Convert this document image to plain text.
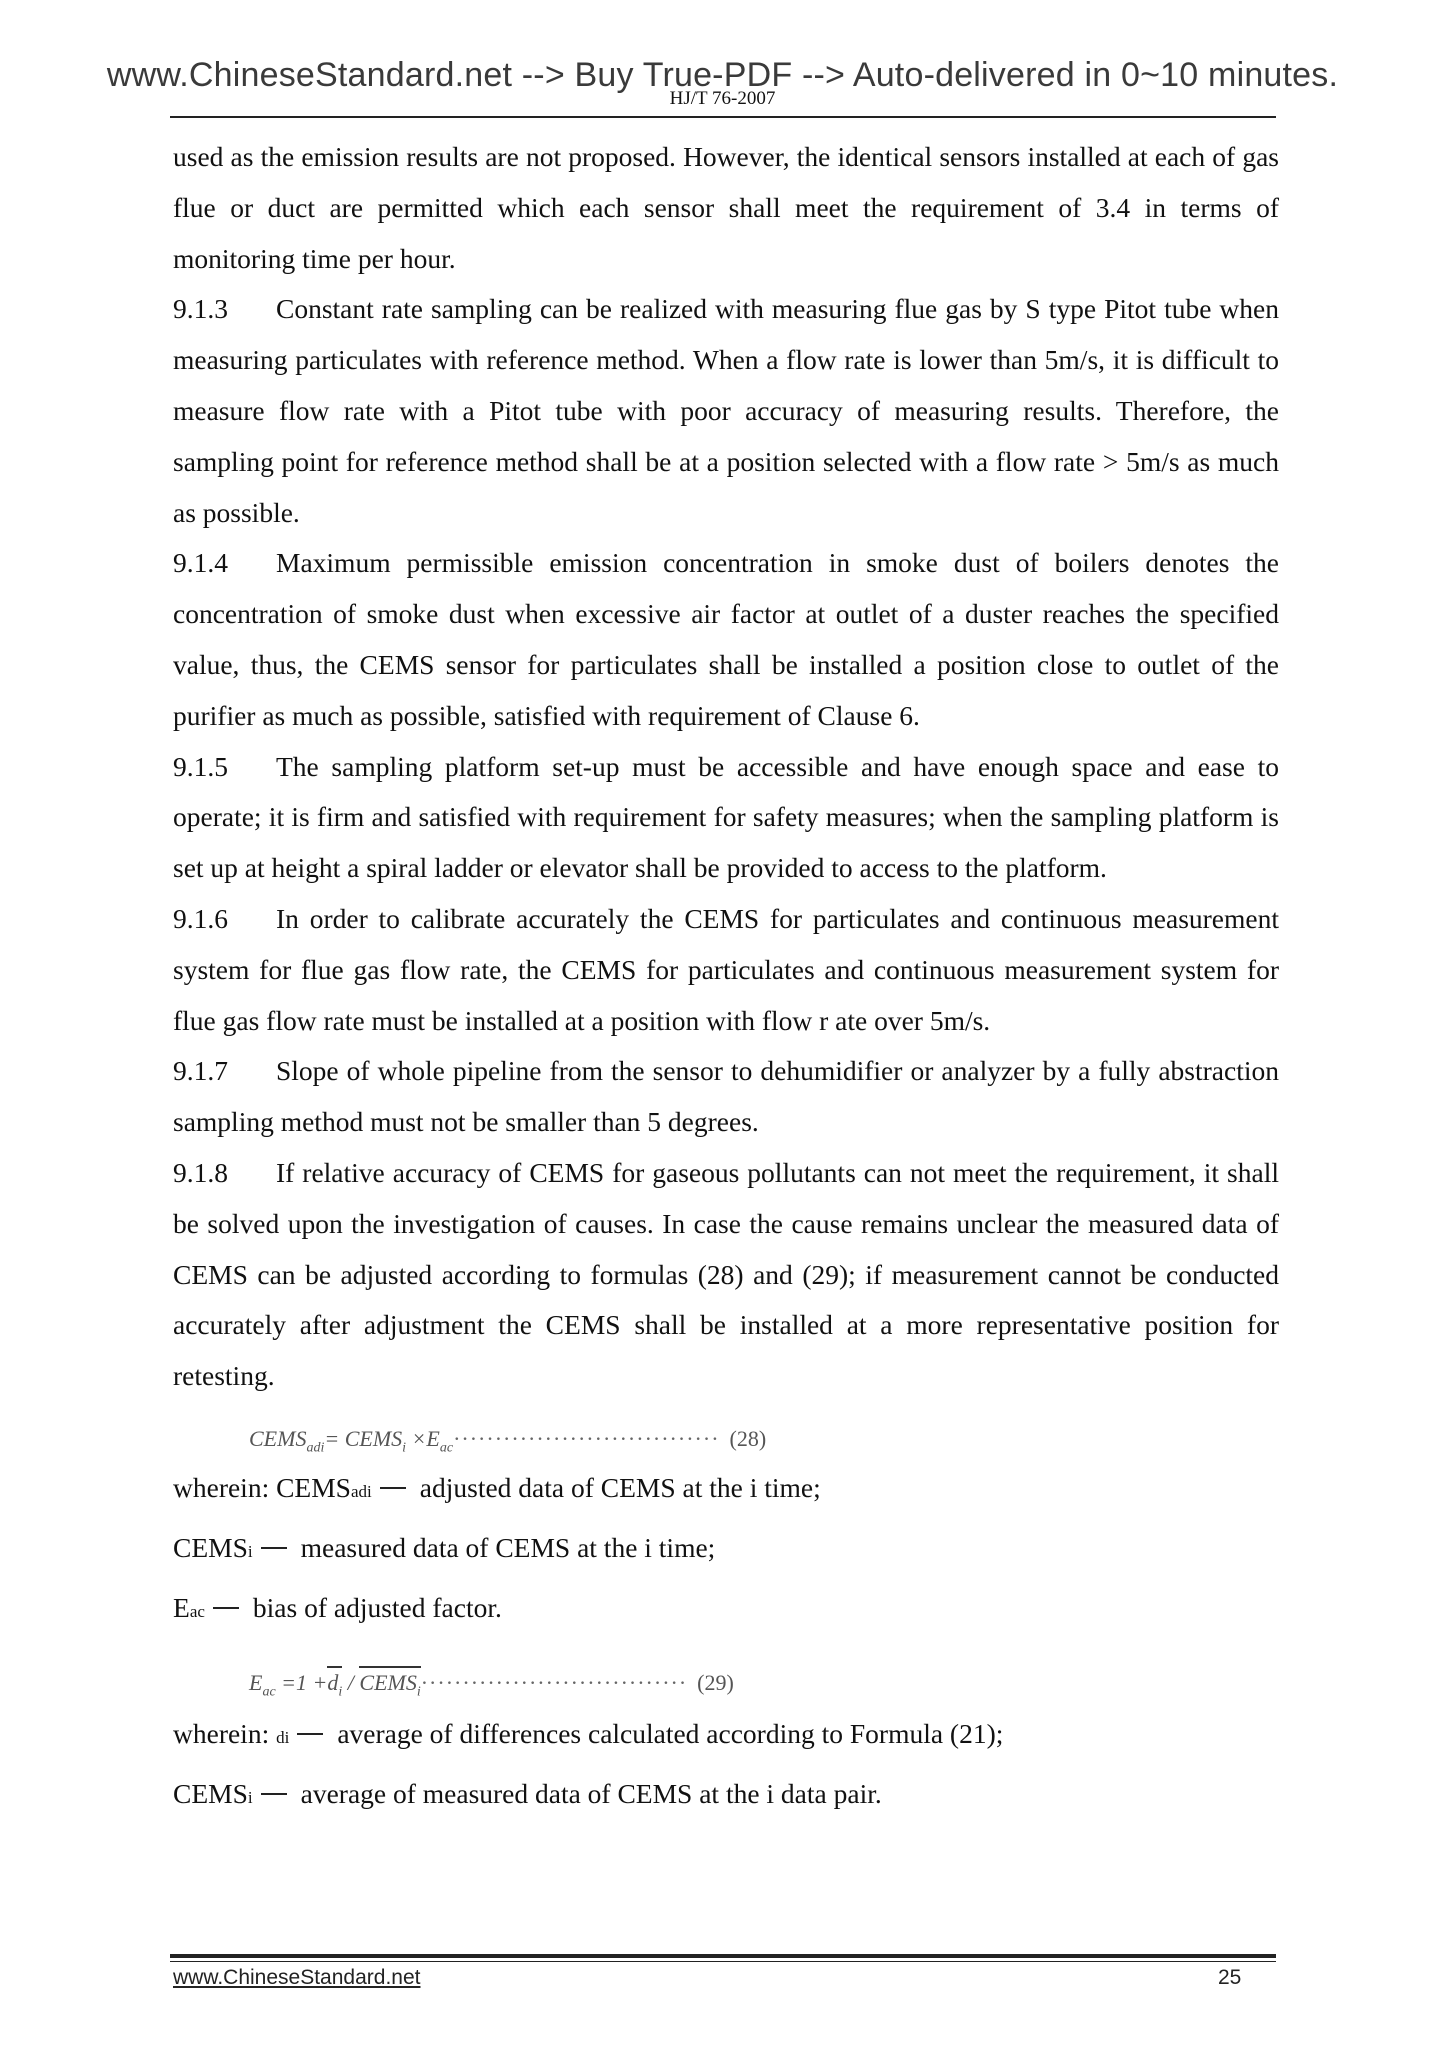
www.ChineseStandard.net --> Buy True-PDF --> Auto-delivered in 0~10 minutes.
HJ/T 76-2007

used as the emission results are not proposed. However, the identical sensors installed at each of gas flue or duct are permitted which each sensor shall meet the requirement of 3.4 in terms of monitoring time per hour.

9.1.3 Constant rate sampling can be realized with measuring flue gas by S type Pitot tube when measuring particulates with reference method. When a flow rate is lower than 5m/s, it is difficult to measure flow rate with a Pitot tube with poor accuracy of measuring results. Therefore, the sampling point for reference method shall be at a position selected with a flow rate > 5m/s as much as possible.

9.1.4 Maximum permissible emission concentration in smoke dust of boilers denotes the concentration of smoke dust when excessive air factor at outlet of a duster reaches the specified value, thus, the CEMS sensor for particulates shall be installed a position close to outlet of the purifier as much as possible, satisfied with requirement of Clause 6.

9.1.5 The sampling platform set-up must be accessible and have enough space and ease to operate; it is firm and satisfied with requirement for safety measures; when the sampling platform is set up at height a spiral ladder or elevator shall be provided to access to the platform.

9.1.6 In order to calibrate accurately the CEMS for particulates and continuous measurement system for flue gas flow rate, the CEMS for particulates and continuous measurement system for flue gas flow rate must be installed at a position with flow r ate over 5m/s.

9.1.7 Slope of whole pipeline from the sensor to dehumidifier or analyzer by a fully abstraction sampling method must not be smaller than 5 degrees.

9.1.8 If relative accuracy of CEMS for gaseous pollutants can not meet the requirement, it shall be solved upon the investigation of causes. In case the cause remains unclear the measured data of CEMS can be adjusted according to formulas (28) and (29); if measurement cannot be conducted accurately after adjustment the CEMS shall be installed at a more representative position for retesting.

$CEMS_{adi}=$ $CEMS_i \times E_{ac}\cdot\cdot\cdot\cdot\cdot\cdot\cdot\cdot\cdot\cdot\cdot\cdot\cdot\cdot\cdot\cdot\cdot\cdot\cdot\cdot\cdot\cdot\cdot\cdot\cdot\cdot\cdot\cdot\cdot\cdot\cdot\cdot (28)$

wherein: CEMSadi adjusted data of CEMS at the i time;

CEMSi measured data of CEMS at the i time;

Eac bias of adjusted factor.

$E_{ac} =1 +d_i$ / $CEMS_i\cdot\cdot\cdot\cdot\cdot\cdot\cdot\cdot\cdot\cdot\cdot\cdot\cdot\cdot\cdot\cdot\cdot\cdot\cdot\cdot\cdot\cdot\cdot\cdot\cdot\cdot\cdot\cdot\cdot\cdot\cdot\cdot (29)$

wherein: di average of differences calculated according to Formula (21);

CEMSi average of measured data of CEMS at the i data pair.

www.ChineseStandard.net	25
